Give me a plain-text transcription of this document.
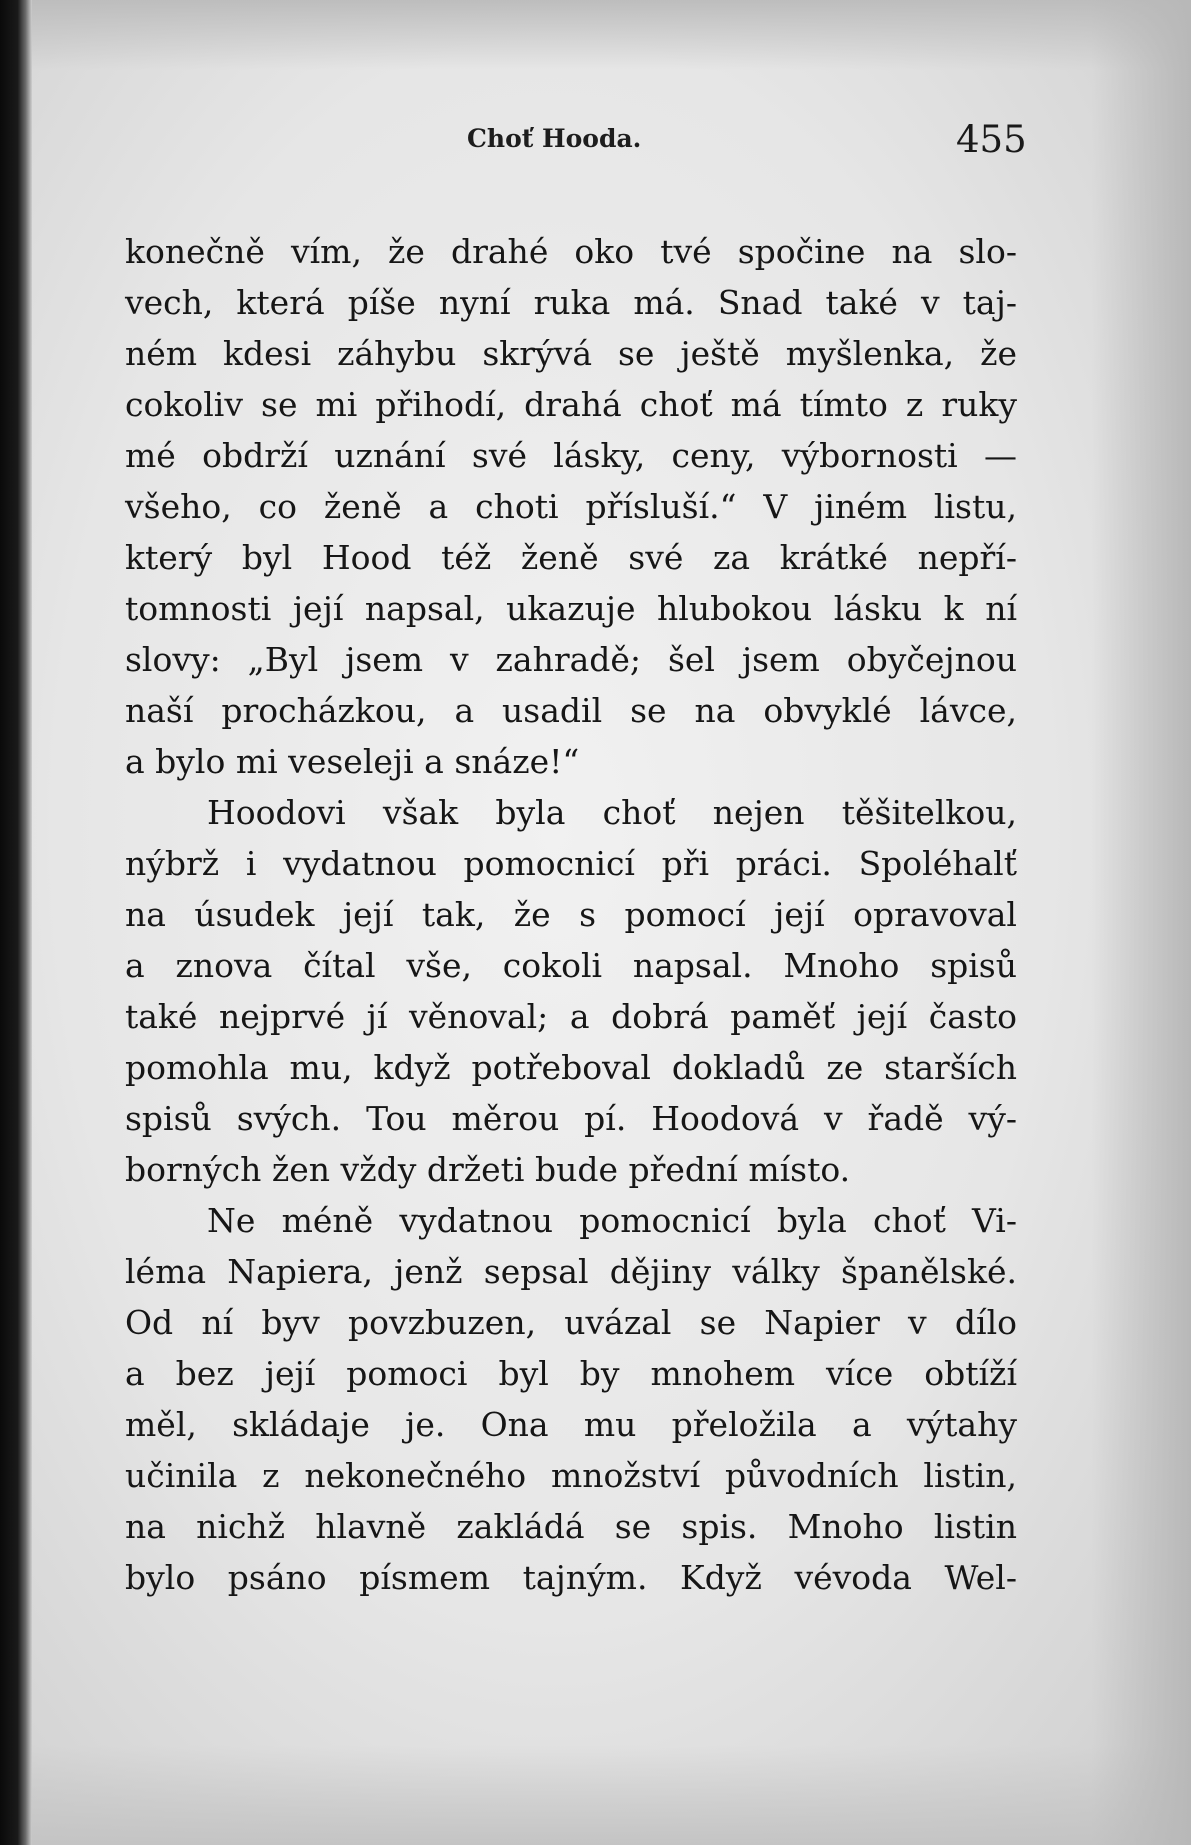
Choť Hooda.	455
konečně vím, že drahé oko tvé spočine na slo-
vech, která píše nyní ruka má. Snad také v taj-
ném kdesi záhybu skrývá se ještě myšlenka, že
cokoliv se mi přihodí, drahá choť má tímto z ruky
mé obdrží uznání své lásky, ceny, výbornosti —
všeho, co ženě a choti přísluší.“ V jiném listu,
který byl Hood též ženě své za krátké nepří-
tomnosti její napsal, ukazuje hlubokou lásku k ní
slovy: „Byl jsem v zahradě; šel jsem obyčejnou
naší procházkou, a usadil se na obvyklé lávce,
a bylo mi veseleji a snáze!“
Hoodovi však byla choť nejen těšitelkou,
nýbrž i vydatnou pomocnicí při práci. Spoléhalť
na úsudek její tak, že s pomocí její opravoval
a znova čítal vše, cokoli napsal. Mnoho spisů
také nejprvé jí věnoval; a dobrá paměť její často
pomohla mu, když potřeboval dokladů ze starších
spisů svých. Tou měrou pí. Hoodová v řadě vý-
borných žen vždy držeti bude přední místo.
Ne méně vydatnou pomocnicí byla choť Vi-
léma Napiera, jenž sepsal dějiny války španělské.
Od ní byv povzbuzen, uvázal se Napier v dílo
a bez její pomoci byl by mnohem více obtíží
měl, skládaje je. Ona mu přeložila a výtahy
učinila z nekonečného množství původních listin,
na nichž hlavně zakládá se spis. Mnoho listin
bylo psáno písmem tajným. Když vévoda Wel-
